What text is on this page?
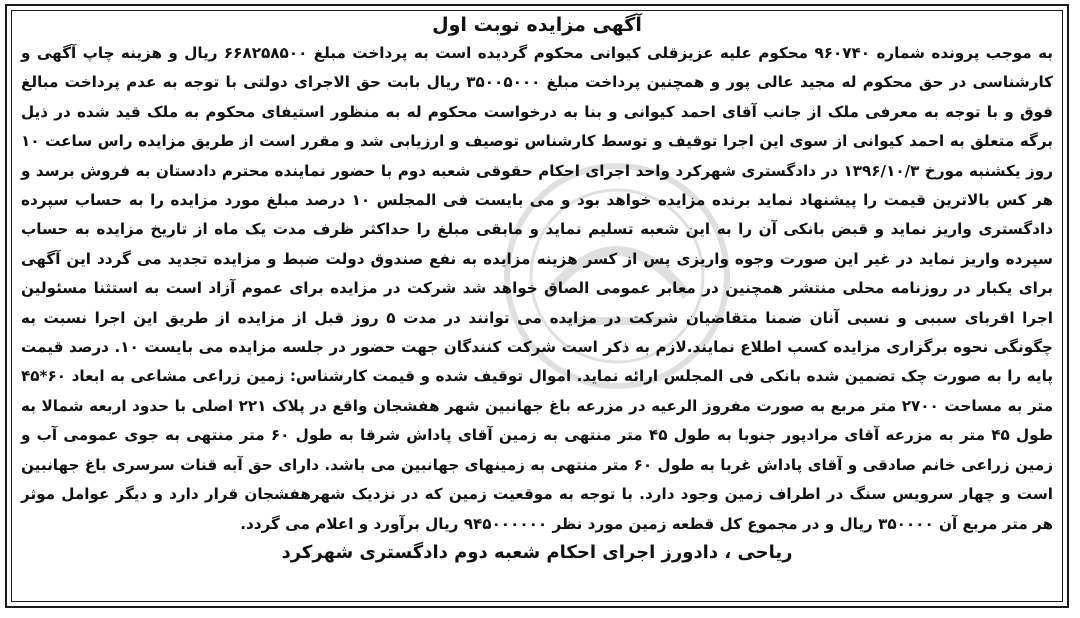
آگهی مزایده نوبت اول

به موجب پرونده شماره ۹۶۰۷۴۰ محکوم علیه عزیزقلی کیوانی محکوم گردیده است به پرداخت مبلغ ۶۶۸۲۵۸۵۰۰ ریال و هزینه چاپ آگهی و کارشناسی در حق محکوم له مجید عالی پور و همچنین پرداخت مبلغ ۳۵۰۰۵۰۰۰ ریال بابت حق الاجرای دولتی با توجه به عدم پرداخت مبالغ فوق و با توجه به معرفی ملک از جانب آقای احمد کیوانی و بنا به درخواست محکوم له به منظور استیفای محکوم به ملک قید شده در ذیل برگه متعلق به احمد کیوانی از سوی این اجرا توقیف و توسط کارشناس توصیف و ارزیابی شد و مقرر است از طریق مزایده راس ساعت ۱۰ روز یکشنبه مورخ ۱۳۹۶/۱۰/۳ در دادگستری شهرکرد واحد اجرای احکام حقوقی شعبه دوم با حضور نماینده محترم دادستان به فروش برسد و هر کس بالاترین قیمت را پیشنهاد نماید برنده مزایده خواهد بود و می بایست فی المجلس ۱۰ درصد مبلغ مورد مزایده را به حساب سپرده دادگستری واریز نماید و قبض بانکی آن را به این شعبه تسلیم نماید و مابقی مبلغ را حداکثر ظرف مدت یک ماه از تاریخ مزایده به حساب سپرده واریز نماید در غیر این صورت وجوه واریزی پس از کسر هزینه مزایده به نفع صندوق دولت ضبط و مزایده تجدید می گردد این آگهی برای یکبار در روزنامه محلی منتشر همچنین در معابر عمومی الصاق خواهد شد شرکت در مزایده برای عموم آزاد است به استثنا مسئولین اجرا اقربای سببی و نسبی آنان ضمنا متقاضیان شرکت در مزایده می توانند در مدت ۵ روز قبل از مزایده از طریق این اجرا نسبت به چگونگی نحوه برگزاری مزایده کسب اطلاع نمایند.لازم به ذکر است شرکت کنندگان جهت حضور در جلسه مزایده می بایست ۱۰. درصد قیمت پایه را به صورت چک تضمین شده بانکی فی المجلس ارائه نماید. اموال توقیف شده و قیمت کارشناس: زمین زراعی مشاعی به ابعاد ۶۰*۴۵ متر به مساحت ۲۷۰۰ متر مربع به صورت مفروز الرعیه در مزرعه باغ جهانبین شهر هفشجان واقع در پلاک ۲۲۱ اصلی با حدود اربعه شمالا به طول ۴۵ متر به مزرعه آقای مرادپور جنوبا به طول ۴۵ متر منتهی به زمین آقای پاداش شرقا به طول ۶۰ متر منتهی به جوی عمومی آب و زمین زراعی خانم صادقی و آقای پاداش غربا به طول ۶۰ متر منتهی به زمینهای جهانبین می باشد. دارای حق آبه قنات سرسری باغ جهانبین است و چهار سرویس سنگ در اطراف زمین وجود دارد. با توجه به موقعیت زمین که در نزدیک شهرهفشجان قرار دارد و دیگر عوامل موثر هر متر مربع آن ۳۵۰۰۰۰ ریال و در مجموع کل قطعه زمین مورد نظر ۹۴۵۰۰۰۰۰۰ ریال برآورد و اعلام می گردد.

ریاحی ، دادورز اجرای احکام شعبه دوم دادگستری شهرکرد
